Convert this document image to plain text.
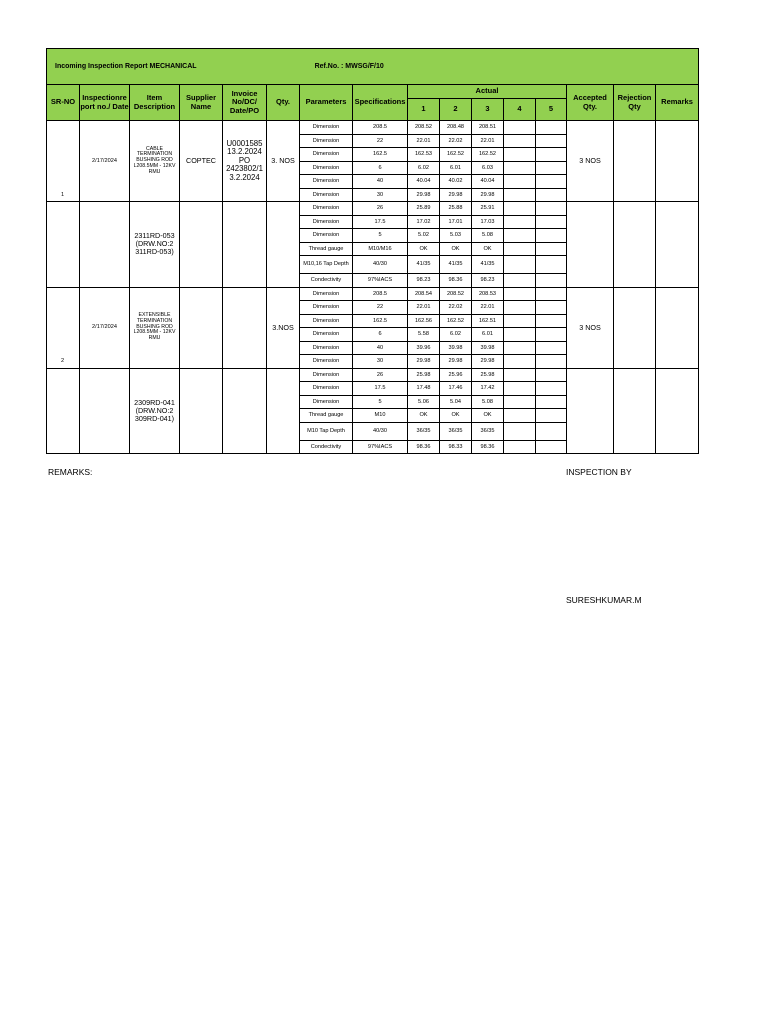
Incoming Inspection Report MECHANICAL Ref.No. : MWSG/F/10															
SR-NO	Inspectionre port no./ Date	Item Description	Supplier Name	Invoice No/DC/ Date/PO	Qty.	Parameters	Specifications	Actual					Accepted Qty.	Rejection Qty	Remarks
								1	2	3	4	5			
1	2/17/2024	CABLE TERMINATION BUSHING ROD L208.5MM - 12KV RMU	COPTEC	U0001585 13.2.2024 PO 2423802/1 3.2.2024	3. NOS	Dimension	208.5	208.52	208.48	208.51			3 NOS		
						Dimension	22	22.01	22.02	22.01					
						Dimension	162.5	162.53	162.52	162.52					
						Dimension	6	6.02	6.01	6.03					
						Dimension	40	40.04	40.02	40.04					
						Dimension	30	29.98	29.98	29.98					
		2311RD-053 (DRW.NO:2 311RD-053)				Dimension	26	25.89	25.88	25.91					
						Dimension	17.5	17.02	17.01	17.03					
						Dimension	5	5.02	5.03	5.08					
						Thread gauge	M10/M16	OK	OK	OK					
						M10,16 Tap Depth	40/30	41/35	41/35	41/35					
						Condectivity	97%IACS	98.23	98.36	98.23					
2	2/17/2024	EXTENSIBLE TERMINATION BUSHING ROD L208.5MM - 12KV RMU			3.NOS	Dimension	208.5	208.54	208.52	208.53			3 NOS		
						Dimension	22	22.01	22.02	22.01					
						Dimension	162.5	162.56	162.52	162.51					
						Dimension	6	5.58	6.02	6.01					
						Dimension	40	39.96	39.98	39.98					
						Dimension	30	29.98	29.98	29.98					
		2309RD-041 (DRW.NO:2 309RD-041)				Dimension	26	25.98	25.96	25.98					
						Dimension	17.5	17.48	17.46	17.42					
						Dimension	5	5.06	5.04	5.08					
						Thread gauge	M10	OK	OK	OK					
						M10 Tap Depth	40/30	36/35	36/35	36/35					
						Condectivity	97%IACS	98.36	98.33	98.36					
REMARKS:	INSPECTION BY
SURESHKUMAR.M
